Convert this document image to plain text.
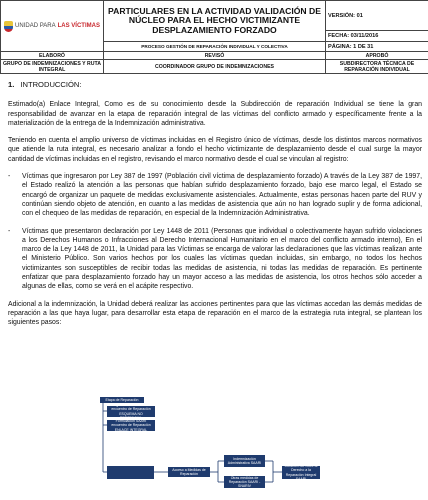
UNIDAD PARA LAS VÍCTIMAS	PARTICULARES EN LA ACTIVIDAD VALIDACIÓN DE NÚCLEO PARA EL HECHO VICTIMIZANTE DESPLAZAMIENTO FORZADO	VERSIÓN: 01
		FECHA: 03/11/2016
	PROCESO GESTIÓN DE REPARACIÓN INDIVIDUAL Y COLECTIVA	PÁGINA: 1 DE 31
ELABORÓ	REVISÓ	APROBÓ
GRUPO DE INDEMNIZACIONES Y RUTA INTEGRAL	COORDINADOR GRUPO DE INDEMNIZACIONES	SUBDIRECTORA TÉCNICA DE REPARACIÓN INDIVIDUAL
1. INTRODUCCIÓN:

Estimado(a) Enlace Integral, Como es de su conocimiento desde la Subdirección de reparación Individual se tiene la gran responsabilidad de avanzar en la etapa de reparación integral de las víctimas del conflicto armado y específicamente frente a la materialización de la entrega de la Indemnización administrativa.

Teniendo en cuenta el amplio universo de víctimas incluidas en el Registro único de víctimas, desde los distintos marcos normativos que atiende la ruta integral, es necesario analizar a fondo el hecho victimizante de desplazamiento desde el cual surge la mayor cantidad de víctimas incluidas en el registro, revisando el marco normativo desde el cual se vinculan al registro:

-	Víctimas que ingresaron por Ley 387 de 1997 (Población civil víctima de desplazamiento forzado) A través de la Ley 387 de 1997, el Estado realizó la atención a las personas que habían sufrido desplazamiento forzado, bajo ese marco legal, el Estado se encargó de organizar un paquete de medidas exclusivamente asistenciales. Actualmente, estas personas hacen parte del RUV y continúan siendo objeto de atención, en cuanto a las medidas de asistencia que aún no han logrado suplir y de forma adicional, con el chequeo de las medidas de reparación, en especial de la Indemnización Administrativa.

-	Víctimas que presentaron declaración por Ley 1448 de 2011 (Personas que individual o colectivamente hayan sufrido violaciones a los Derechos Humanos o Infracciones al Derecho Internacional Humanitario en el marco del conflicto armado interno), En el marco de la Ley 1448 de 2011, la Unidad para las Víctimas se encarga de valorar las declaraciones que las víctimas realizan ante el Ministerio Público. Son varios hechos por los cuales las víctimas quedan incluidas, sin embargo, no todos los hechos victimizantes son susceptibles de recibir todas las medidas de asistencia, ni todas las medidas de reparación. Es pertinente enfatizar que para desplazamiento forzado hay un mayor acceso a las medidas de asistencia, los otros hechos sólo acceder a algunas de ellas, como se verá en el acápite respectivo.

Adicional a la indemnización, la Unidad deberá realizar las acciones pertinentes para que las víctimas accedan las demás medidas de reparación a las que haya lugar, para desarrollar esta etapa de reparación en el marco de la estrategia ruta integral, se plantean los siguientes pasos:

Etapa de Reparación
Agendamiento SAARI encuentro de Reparación ESQUEMA NO PRESENCIAL
Formulación SAARI encuentro de Reparación ENLACE INTEGRAL
Acceso a Medidas de Reparación
Indemnización Administrativa SAARI
Otras medidas de Reparación SAARI - SNARIV
Medición del Goce al Derecho a la Reparación Integral SAARI
